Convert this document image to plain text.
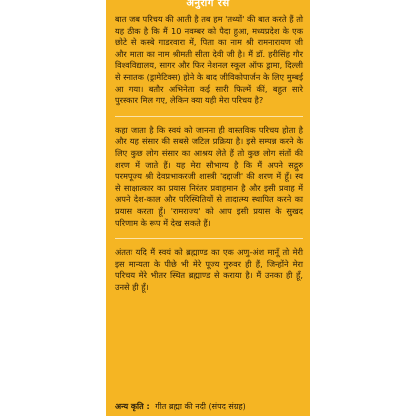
अनुराग रस

बात जब परिचय की आती है तब हम 'तथ्यों' की बात करते हैं तो यह ठीक है कि मैं 10 नवम्बर को पैदा हुआ, मध्यप्रदेश के एक छोटे से कस्बे गाडरवारा में, पिता का नाम श्री रामनारायण जी और माता का नाम श्रीमती सीता देवी जी है। मैं डॉ. हरीसिंह गौर विश्वविद्यालय, सागर और फिर नेशनल स्कूल ऑफ ड्रामा, दिल्ली से स्नातक (ड्रामेटिक्स) होने के बाद जीविकोपार्जन के लिए मुम्बई आ गया। बतौर अभिनेता कई सारी फिल्में कीं, बहुत सारे पुरस्कार मिल गए, लेकिन क्या यही मेरा परिचय है?

कहा जाता है कि स्वयं को जानना ही वास्तविक परिचय होता है और यह संसार की सबसे जटिल प्रक्रिया है। इसे सम्पन्न करने के लिए कुछ लोग संसार का आश्रय लेते हैं तो कुछ लोग संतों की शरण में जाते हैं। यह मेरा सौभाग्य है कि मैं अपने सद्गुरु परमपूज्य श्री देवप्रभाकरजी शास्त्री 'दद्दाजी' की शरण में हूँ। स्व से साक्षात्कार का प्रयास निरंतर प्रवाहमान है और इसी प्रवाह में अपने देश-काल और परिस्थितियों से तादात्म्य स्थापित करने का प्रयास करता हूँ। 'रामराज्य' को आप इसी प्रयास के सुखद परिणाम के रूप में देख सकते हैं।

अंततः यदि मैं स्वयं को ब्रह्माण्ड का एक अणु-अंश मानूँ तो मेरी इस मान्यता के पीछे भी मेरे पूज्य गुरुवर ही हैं, जिन्होंने मेरा परिचय मेरे भीतर स्थित ब्रह्माण्ड से कराया है। मैं उनका ही हूँ, उनसे ही हूँ।

अन्य कृति : गीत ब्रह्मा की नदी (संपद संग्रह)
